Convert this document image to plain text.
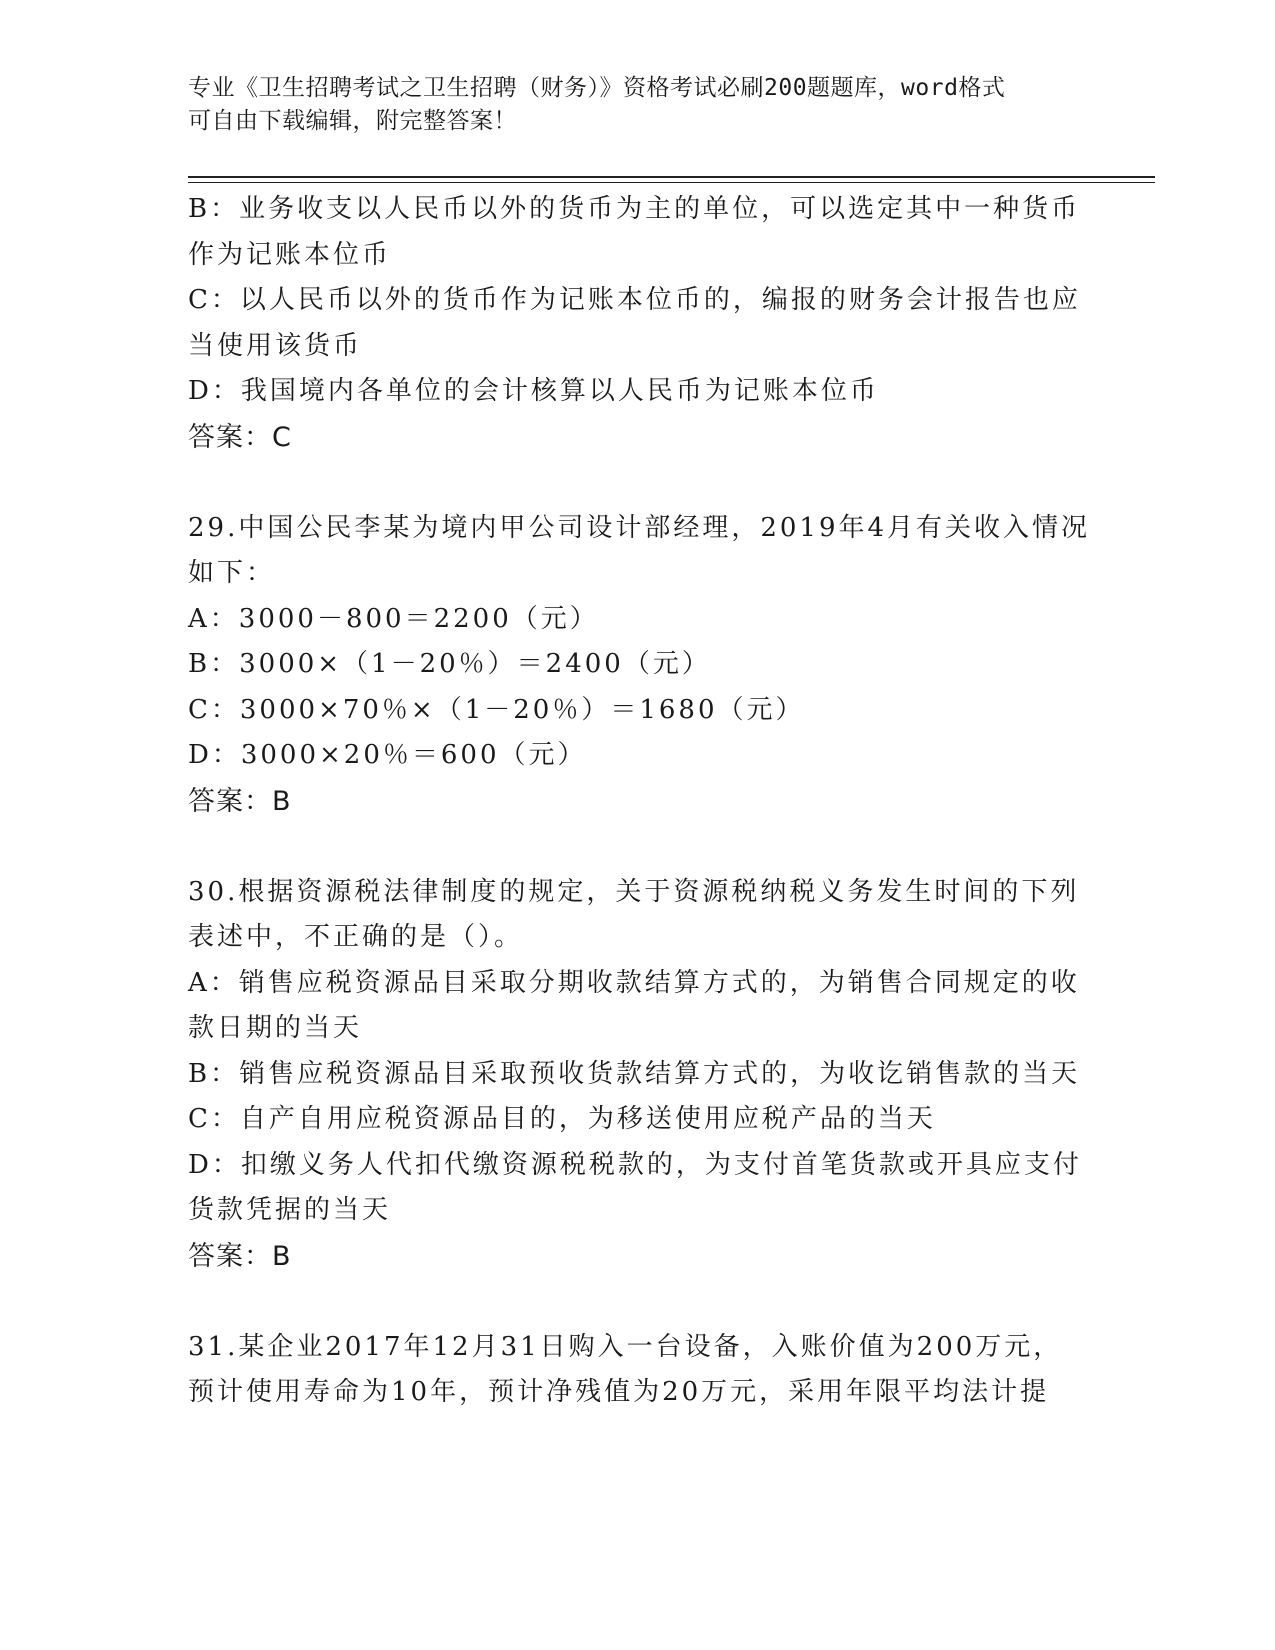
专业《卫生招聘考试之卫生招聘（财务）》资格考试必刷200题题库，word格式
可自由下载编辑，附完整答案！
B：业务收支以人民币以外的货币为主的单位，可以选定其中一种货币
作为记账本位币
C：以人民币以外的货币作为记账本位币的，编报的财务会计报告也应
当使用该货币
D：我国境内各单位的会计核算以人民币为记账本位币
答案：C
29.中国公民李某为境内甲公司设计部经理，2019年4月有关收入情况
如下：
A：3000－800＝2200（元）
B：3000×（1－20％）＝2400（元）
C：3000×70％×（1－20％）＝1680（元）
D：3000×20％＝600（元）
答案：B
30.根据资源税法律制度的规定，关于资源税纳税义务发生时间的下列
表述中，不正确的是（）。
A：销售应税资源品目采取分期收款结算方式的，为销售合同规定的收
款日期的当天
B：销售应税资源品目采取预收货款结算方式的，为收讫销售款的当天
C：自产自用应税资源品目的，为移送使用应税产品的当天
D：扣缴义务人代扣代缴资源税税款的，为支付首笔货款或开具应支付
货款凭据的当天
答案：B
31.某企业2017年12月31日购入一台设备，入账价值为200万元，
预计使用寿命为10年，预计净残值为20万元，采用年限平均法计提
